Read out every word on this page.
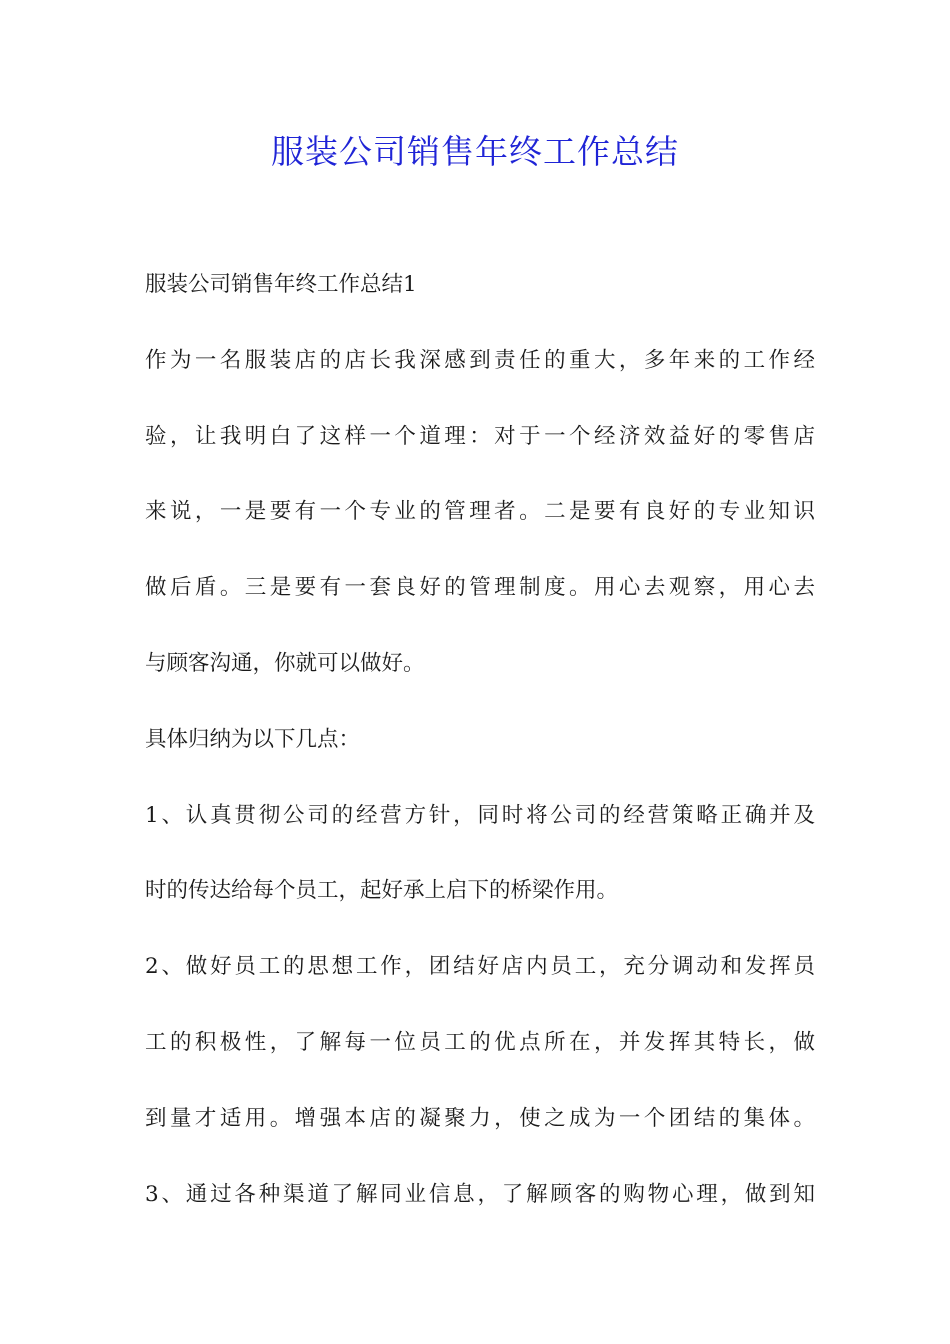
服装公司销售年终工作总结
服装公司销售年终工作总结1
作为一名服装店的店长我深感到责任的重大，多年来的工作经
验，让我明白了这样一个道理：对于一个经济效益好的零售店
来说，一是要有一个专业的管理者。二是要有良好的专业知识
做后盾。三是要有一套良好的管理制度。用心去观察，用心去
与顾客沟通，你就可以做好。
具体归纳为以下几点：
1、认真贯彻公司的经营方针，同时将公司的经营策略正确并及
时的传达给每个员工，起好承上启下的桥梁作用。
2、做好员工的思想工作，团结好店内员工，充分调动和发挥员
工的积极性，了解每一位员工的优点所在，并发挥其特长，做
到量才适用。增强本店的凝聚力，使之成为一个团结的集体。
3、通过各种渠道了解同业信息，了解顾客的购物心理，做到知
